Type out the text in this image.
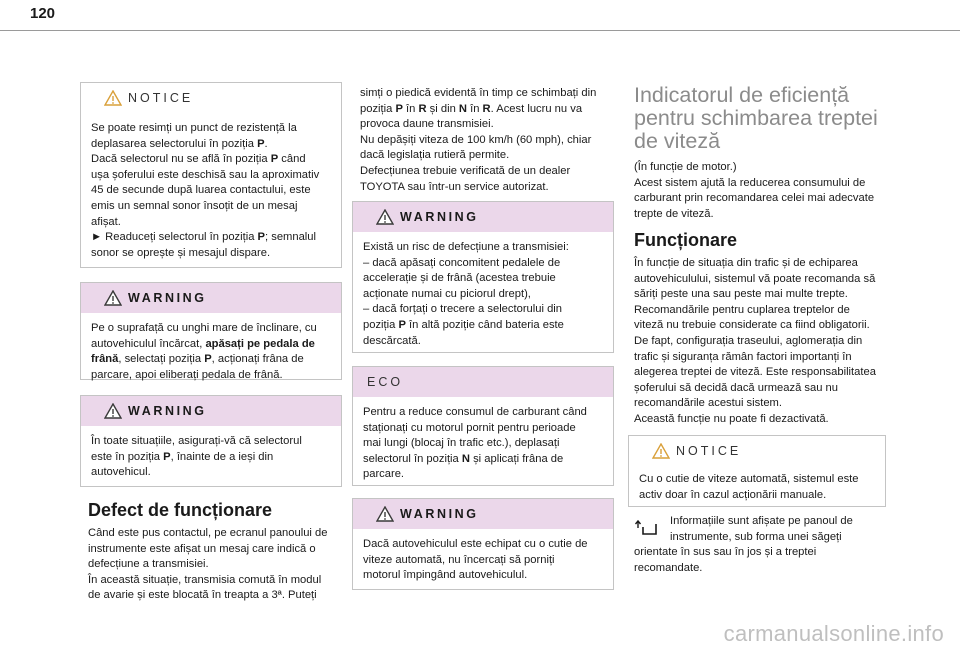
120
NOTICE
Se poate resimți un punct de rezistență la
deplasarea selectorului în poziția P.
Dacă selectorul nu se află în poziția P când
ușa șoferului este deschisă sau la aproximativ
45 de secunde după luarea contactului, este
emis un semnal sonor însoțit de un mesaj
afișat.
► Readuceți selectorul în poziția P; semnalul
sonor se oprește și mesajul dispare.
WARNING
Pe o suprafață cu unghi mare de înclinare, cu
autovehiculul încărcat, apăsați pe pedala de
frână, selectați poziția P, acționați frâna de
parcare, apoi eliberați pedala de frână.
WARNING
În toate situațiile, asigurați-vă că selectorul
este în poziția P, înainte de a ieși din
autovehicul.
Defect de funcționare
Când este pus contactul, pe ecranul panoului de
instrumente este afișat un mesaj care indică o
defecțiune a transmisiei.
În această situație, transmisia comută în modul
de avarie și este blocată în treapta a 3ª. Puteți
simți o piedică evidentă în timp ce schimbați din
poziția P în R și din N în R. Acest lucru nu va
provoca daune transmisiei.
Nu depășiți viteza de 100 km/h (60 mph), chiar
dacă legislația rutieră permite.
Defecțiunea trebuie verificată de un dealer
TOYOTA sau într-un service autorizat.
WARNING
Există un risc de defecțiune a transmisiei:
– dacă apăsați concomitent pedalele de
accelerație și de frână (acestea trebuie
acționate numai cu piciorul drept),
– dacă forțați o trecere a selectorului din
poziția P în altă poziție când bateria este
descărcată.
ECO
Pentru a reduce consumul de carburant când
staționați cu motorul pornit pentru perioade
mai lungi (blocaj în trafic etc.), deplasați
selectorul în poziția N și aplicați frâna de
parcare.
WARNING
Dacă autovehiculul este echipat cu o cutie de
viteze automată, nu încercați să porniți
motorul împingând autovehiculul.
Indicatorul de eficiență
pentru schimbarea treptei
de viteză
(În funcție de motor.)
Acest sistem ajută la reducerea consumului de
carburant prin recomandarea celei mai adecvate
trepte de viteză.
Funcționare
În funcție de situația din trafic și de echiparea
autovehiculului, sistemul vă poate recomanda să
săriți peste una sau peste mai multe trepte.
Recomandările pentru cuplarea treptelor de
viteză nu trebuie considerate ca fiind obligatorii.
De fapt, configurația traseului, aglomerația din
trafic și siguranța rămân factori importanți în
alegerea treptei de viteză. Este responsabilitatea
șoferului să decidă dacă urmează sau nu
recomandările acestui sistem.
Această funcție nu poate fi dezactivată.
NOTICE
Cu o cutie de viteze automată, sistemul este
activ doar în cazul acționării manuale.
Informațiile sunt afișate pe panoul de
instrumente, sub forma unei săgeți
orientate în sus sau în jos și a treptei
recomandate.
carmanualsonline.info
